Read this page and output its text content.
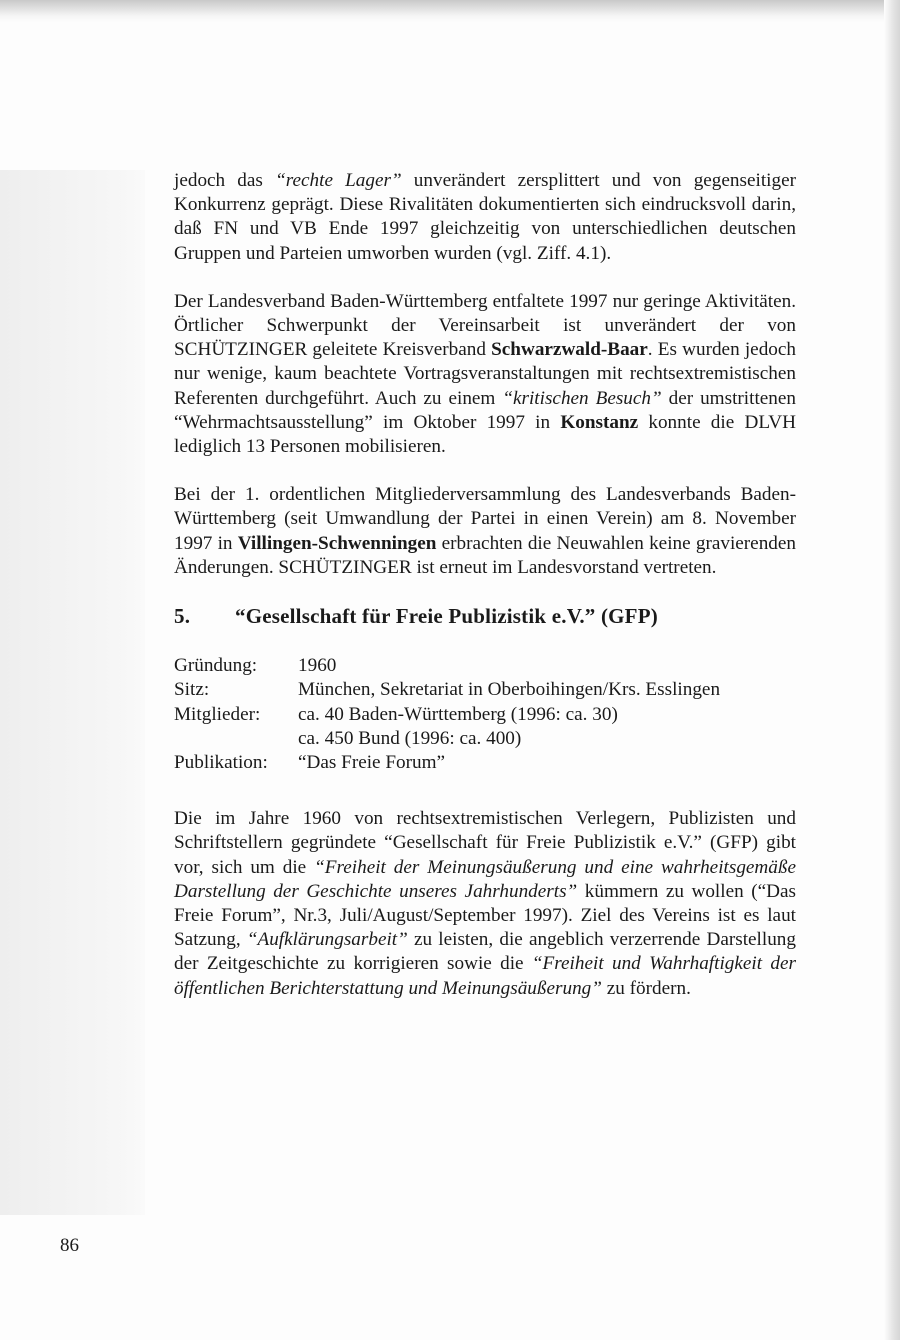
jedoch das “rechte Lager” unverändert zersplittert und von gegenseitiger Konkurrenz geprägt. Diese Rivalitäten dokumentierten sich eindrucksvoll darin, daß FN und VB Ende 1997 gleichzeitig von unterschiedlichen deutschen Gruppen und Parteien umworben wurden (vgl. Ziff. 4.1).

Der Landesverband Baden-Württemberg entfaltete 1997 nur geringe Aktivitäten. Örtlicher Schwerpunkt der Vereinsarbeit ist unverändert der von SCHÜTZINGER geleitete Kreisverband Schwarzwald-Baar. Es wurden jedoch nur wenige, kaum beachtete Vortragsveranstaltungen mit rechtsextremistischen Referenten durchgeführt. Auch zu einem “kritischen Besuch” der umstrittenen “Wehrmachtsausstellung” im Oktober 1997 in Konstanz konnte die DLVH lediglich 13 Personen mobilisieren.

Bei der 1. ordentlichen Mitgliederversammlung des Landesverbands Baden-Württemberg (seit Umwandlung der Partei in einen Verein) am 8. November 1997 in Villingen-Schwenningen erbrachten die Neuwahlen keine gravierenden Änderungen. SCHÜTZINGER ist erneut im Landesvorstand vertreten.

5. “Gesellschaft für Freie Publizistik e.V.” (GFP)
Gründung:	1960
Sitz:	München, Sekretariat in Oberboihingen/Krs. Esslingen
Mitglieder:	ca. 40 Baden-Württemberg (1996: ca. 30)
ca. 450 Bund (1996: ca. 400)
Publikation:	“Das Freie Forum”

Die im Jahre 1960 von rechtsextremistischen Verlegern, Publizisten und Schriftstellern gegründete “Gesellschaft für Freie Publizistik e.V.” (GFP) gibt vor, sich um die “Freiheit der Meinungsäußerung und eine wahrheitsgemäße Darstellung der Geschichte unseres Jahrhunderts” kümmern zu wollen (“Das Freie Forum”, Nr.3, Juli/August/September 1997). Ziel des Vereins ist es laut Satzung, “Aufklärungsarbeit” zu leisten, die angeblich verzerrende Darstellung der Zeitgeschichte zu korrigieren sowie die “Freiheit und Wahrhaftigkeit der öffentlichen Berichterstattung und Meinungsäußerung” zu fördern.

86
